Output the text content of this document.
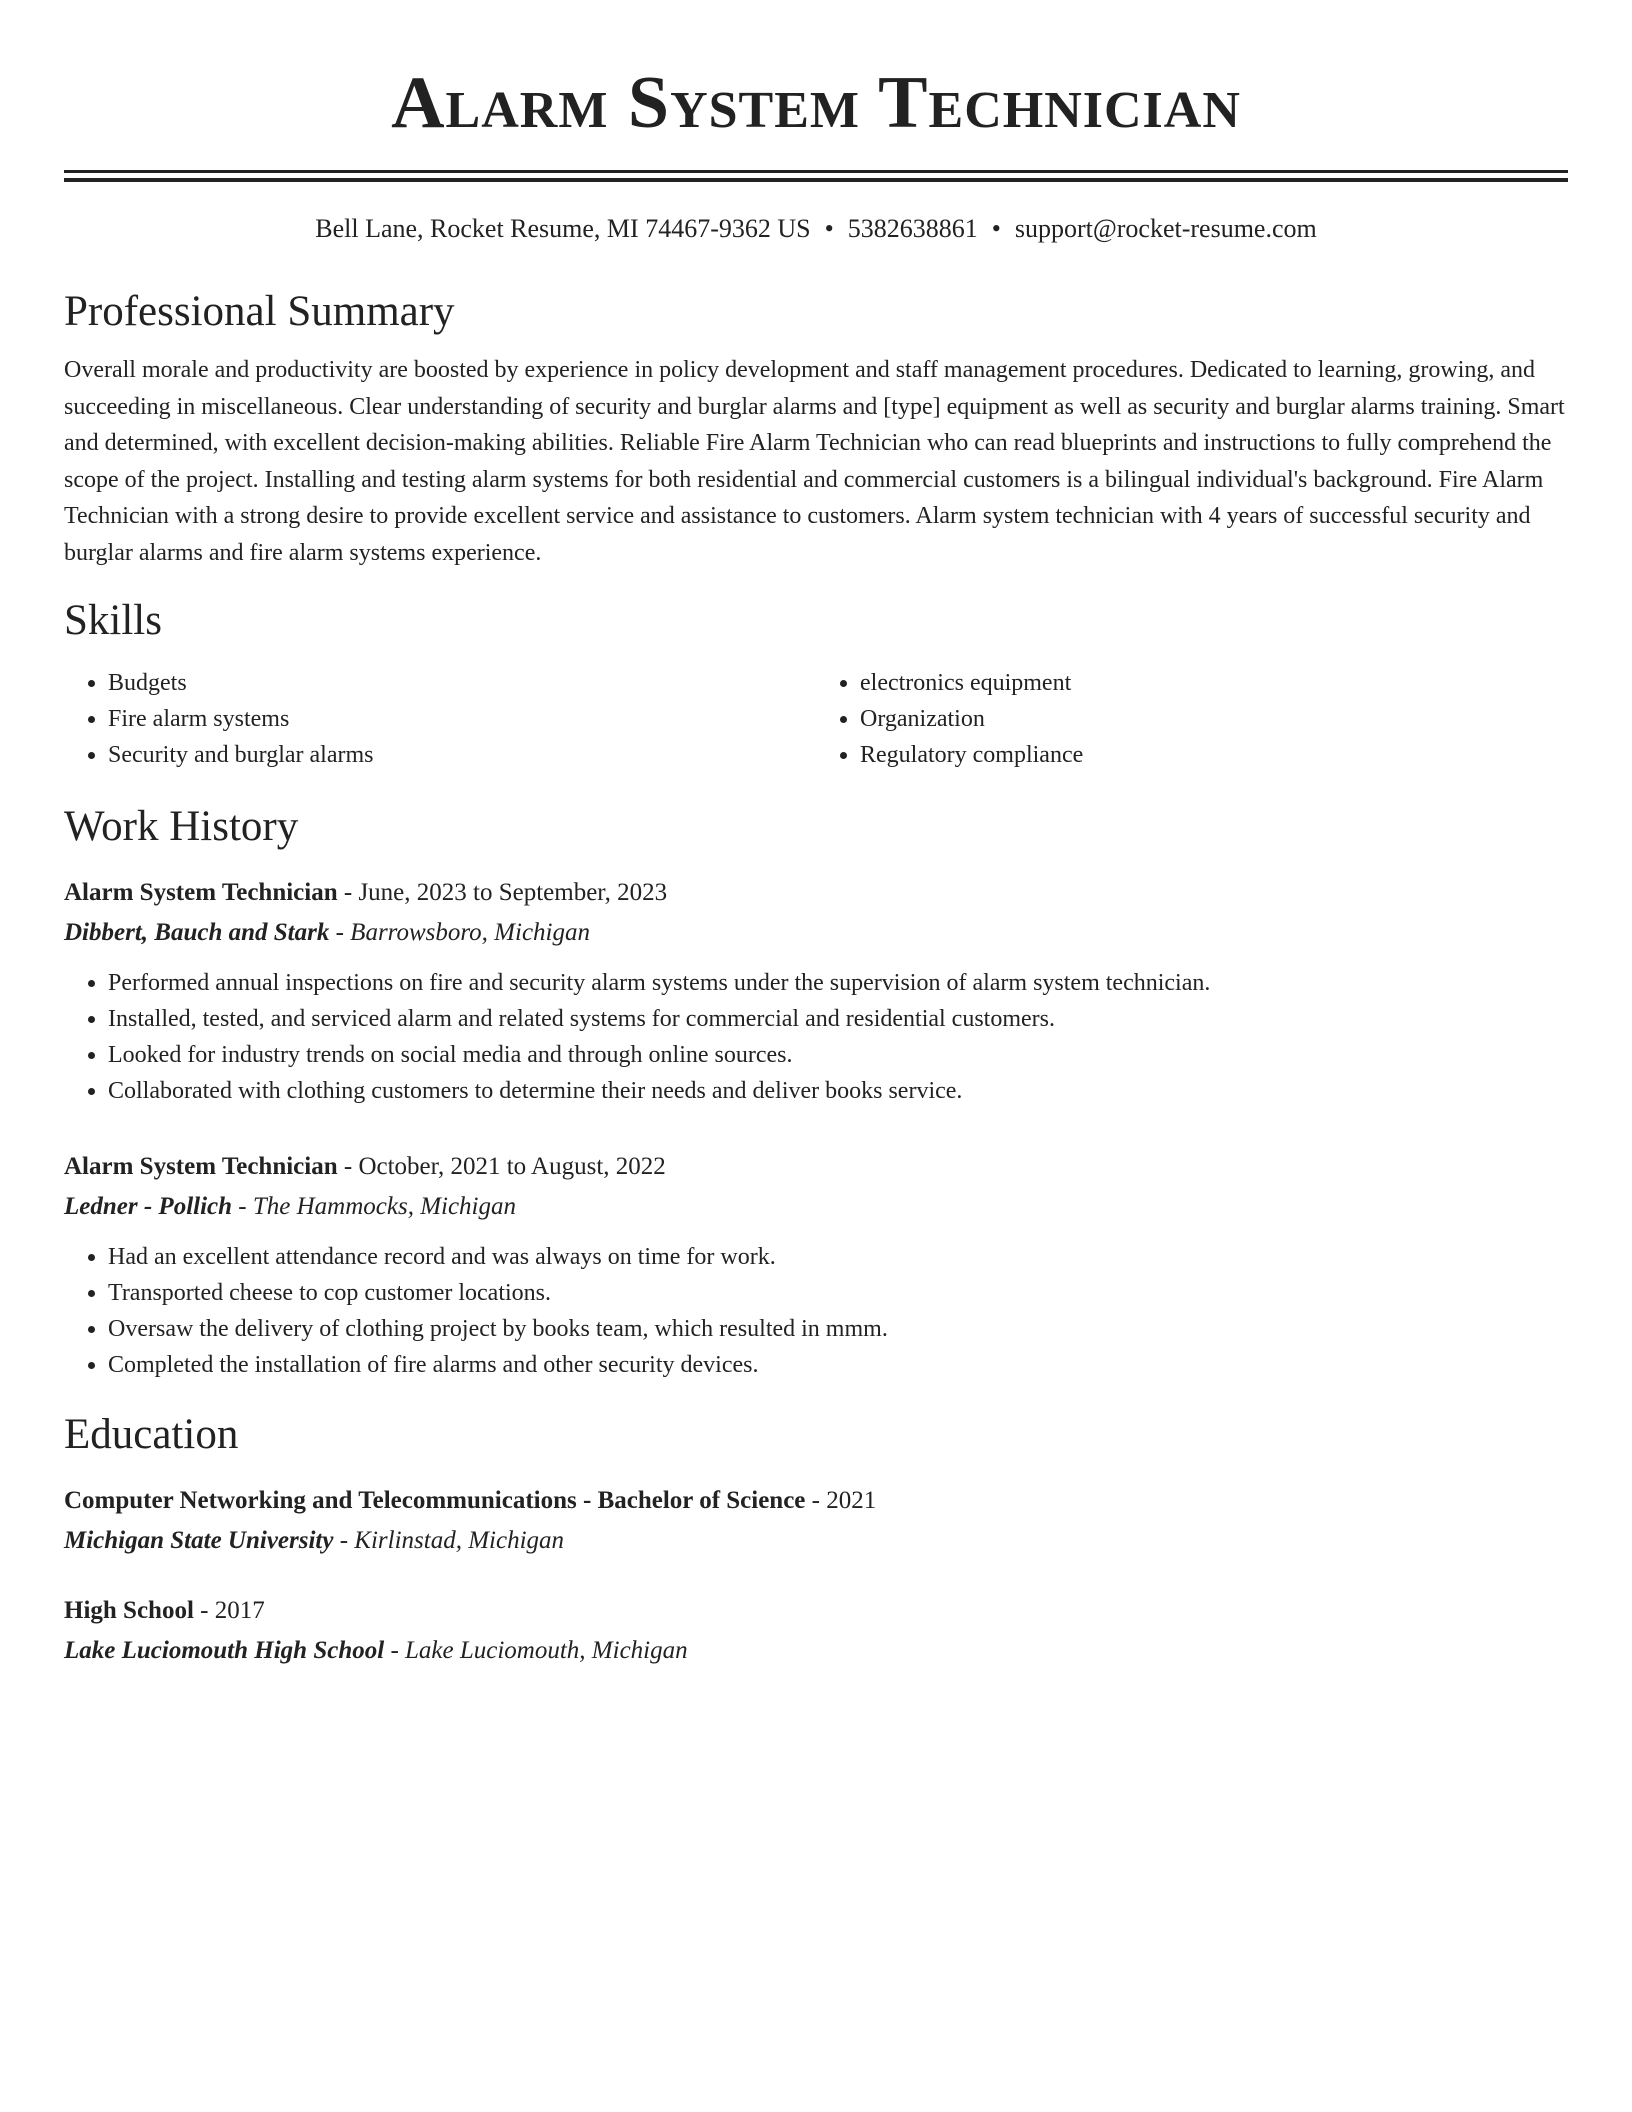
Alarm System Technician
Bell Lane, Rocket Resume, MI 74467-9362 US • 5382638861 • support@rocket-resume.com
Professional Summary

Overall morale and productivity are boosted by experience in policy development and staff management procedures. Dedicated to learning, growing, and succeeding in miscellaneous. Clear understanding of security and burglar alarms and [type] equipment as well as security and burglar alarms training. Smart and determined, with excellent decision-making abilities. Reliable Fire Alarm Technician who can read blueprints and instructions to fully comprehend the scope of the project. Installing and testing alarm systems for both residential and commercial customers is a bilingual individual's background. Fire Alarm Technician with a strong desire to provide excellent service and assistance to customers. Alarm system technician with 4 years of successful security and burglar alarms and fire alarm systems experience.

Skills
• Budgets
• Fire alarm systems
• Security and burglar alarms
• electronics equipment
• Organization
• Regulatory compliance
Work History
Alarm System Technician - June, 2023 to September, 2023
Dibbert, Bauch and Stark - Barrowsboro, Michigan
• Performed annual inspections on fire and security alarm systems under the supervision of alarm system technician.
• Installed, tested, and serviced alarm and related systems for commercial and residential customers.
• Looked for industry trends on social media and through online sources.
• Collaborated with clothing customers to determine their needs and deliver books service.
Alarm System Technician - October, 2021 to August, 2022
Ledner - Pollich - The Hammocks, Michigan
• Had an excellent attendance record and was always on time for work.
• Transported cheese to cop customer locations.
• Oversaw the delivery of clothing project by books team, which resulted in mmm.
• Completed the installation of fire alarms and other security devices.
Education
Computer Networking and Telecommunications - Bachelor of Science - 2021
Michigan State University - Kirlinstad, Michigan
High School - 2017
Lake Luciomouth High School - Lake Luciomouth, Michigan
